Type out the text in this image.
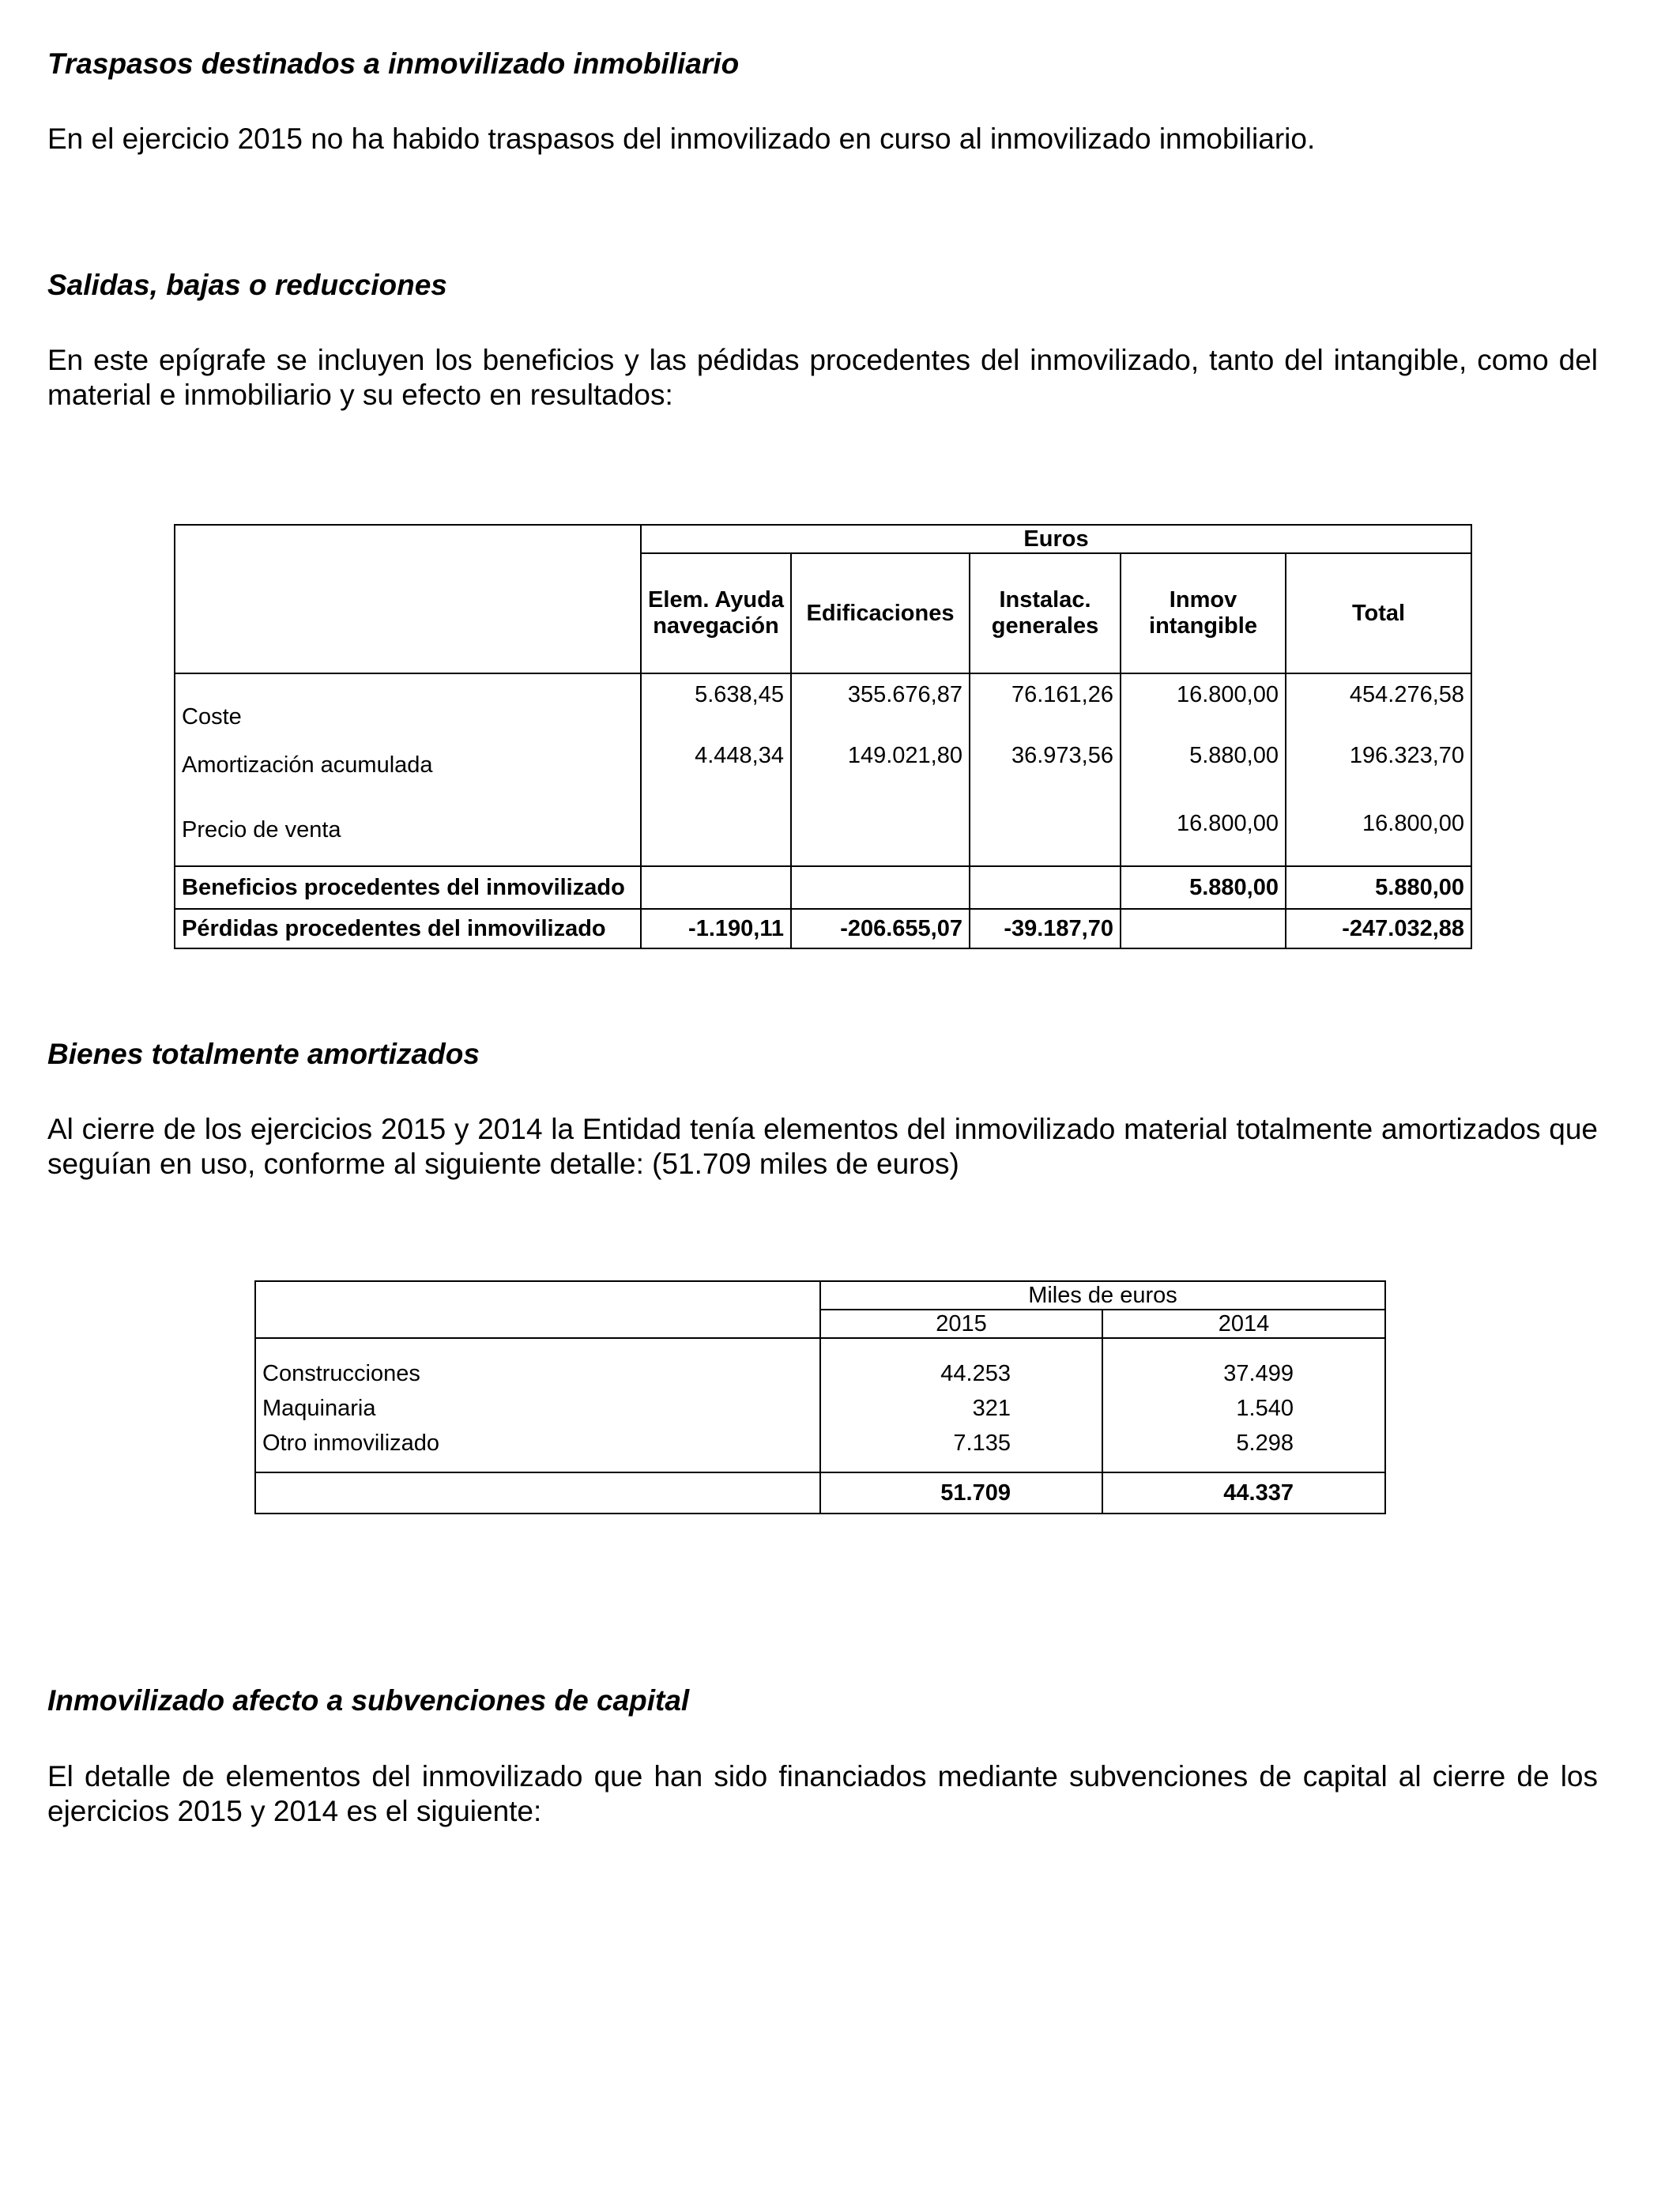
Traspasos destinados a inmovilizado inmobiliario

En el ejercicio 2015 no ha habido traspasos del inmovilizado en curso al inmovilizado inmobiliario.

Salidas, bajas o reducciones

En este epígrafe se incluyen los beneficios y las pédidas procedentes del inmovilizado, tanto del intangible, como del material e inmobiliario y su efecto en resultados:

	Euros				
	Elem. Ayuda navegación	Edificaciones	Instalac. generales	Inmov intangible	Total
Coste	5.638,45	355.676,87	76.161,26	16.800,00	454.276,58
Amortización acumulada	4.448,34	149.021,80	36.973,56	5.880,00	196.323,70
Precio de venta				16.800,00	16.800,00
Beneficios procedentes del inmovilizado				5.880,00	5.880,00
Pérdidas procedentes del inmovilizado	-1.190,11	-206.655,07	-39.187,70		-247.032,88
Bienes totalmente amortizados

Al cierre de los ejercicios 2015 y 2014 la Entidad tenía elementos del inmovilizado material totalmente amortizados que seguían en uso, conforme al siguiente detalle: (51.709 miles de euros)

	Miles de euros	
	2015	2014
Construcciones	44.253	37.499
Maquinaria	321	1.540
Otro inmovilizado	7.135	5.298
	51.709	44.337
Inmovilizado afecto a subvenciones de capital

El detalle de elementos del inmovilizado que han sido financiados mediante subvenciones de capital al cierre de los ejercicios 2015 y 2014 es el siguiente:
